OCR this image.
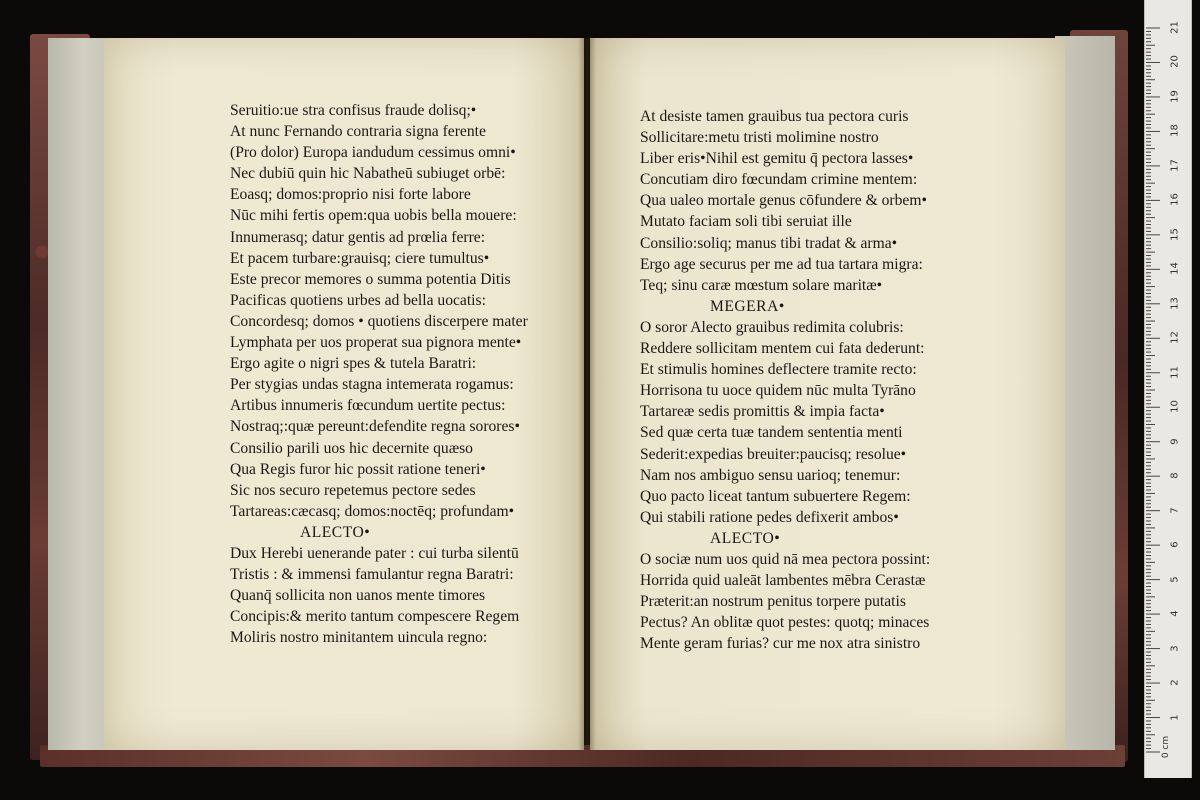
Seruitio:ue stra confisus fraude dolisq;•
At nunc Fernando contraria signa ferente
(Pro dolor) Europa iandudum cessimus omni•
Nec dubiū quin hic Nabatheū subiuget orbē:
Eoasq; domos:proprio nisi forte labore
Nūc mihi fertis opem:qua uobis bella mouere:
Innumerasq; datur gentis ad prœlia ferre:
Et pacem turbare:grauisq; ciere tumultus•
Este precor memores o summa potentia Ditis
Pacificas quotiens urbes ad bella uocatis:
Concordesq; domos • quotiens discerpere mater
Lymphata per uos properat sua pignora mente•
Ergo agite o nigri spes & tutela Baratri:
Per stygias undas stagna intemerata rogamus:
Artibus innumeris fœcundum uertite pectus:
Nostraq;:quæ pereunt:defendite regna sorores•
Consilio parili uos hic decernite quæso
Qua Regis furor hic possit ratione teneri•
Sic nos securo repetemus pectore sedes
Tartareas:cæcasq; domos:noctēq; profundam•
ALECTO•
Dux Herebi uenerande pater : cui turba silentū
Tristis : & immensi famulantur regna Baratri:
Quanq̄ sollicita non uanos mente timores
Concipis:& merito tantum compescere Regem
Moliris nostro minitantem uincula regno:
At desiste tamen grauibus tua pectora curis
Sollicitare:metu tristi molimine nostro
Liber eris•Nihil est gemitu q̄ pectora lasses•
Concutiam diro fœcundam crimine mentem:
Qua ualeo mortale genus cōfundere & orbem•
Mutato faciam soli tibi seruiat ille
Consilio:soliq; manus tibi tradat & arma•
Ergo age securus per me ad tua tartara migra:
Teq; sinu caræ mœstum solare maritæ•
MEGERA•
O soror Alecto grauibus redimita colubris:
Reddere sollicitam mentem cui fata dederunt:
Et stimulis homines deflectere tramite recto:
Horrisona tu uoce quidem nūc multa Tyrāno
Tartareæ sedis promittis & impia facta•
Sed quæ certa tuæ tandem sententia menti
Sederit:expedias breuiter:paucisq; resolue•
Nam nos ambiguo sensu uarioq; tenemur:
Quo pacto liceat tantum subuertere Regem:
Qui stabili ratione pedes defixerit ambos•
ALECTO•
O sociæ num uos quid nā mea pectora possint:
Horrida quid ualeāt lambentes mēbra Cerastæ
Præterit:an nostrum penitus torpere putatis
Pectus? An oblitæ quot pestes: quotq; minaces
Mente geram furias? cur me nox atra sinistro
21
20
19
18
17
16
15
14
13
12
11
10
9
8
7
6
5
4
3
2
1
0 cm
